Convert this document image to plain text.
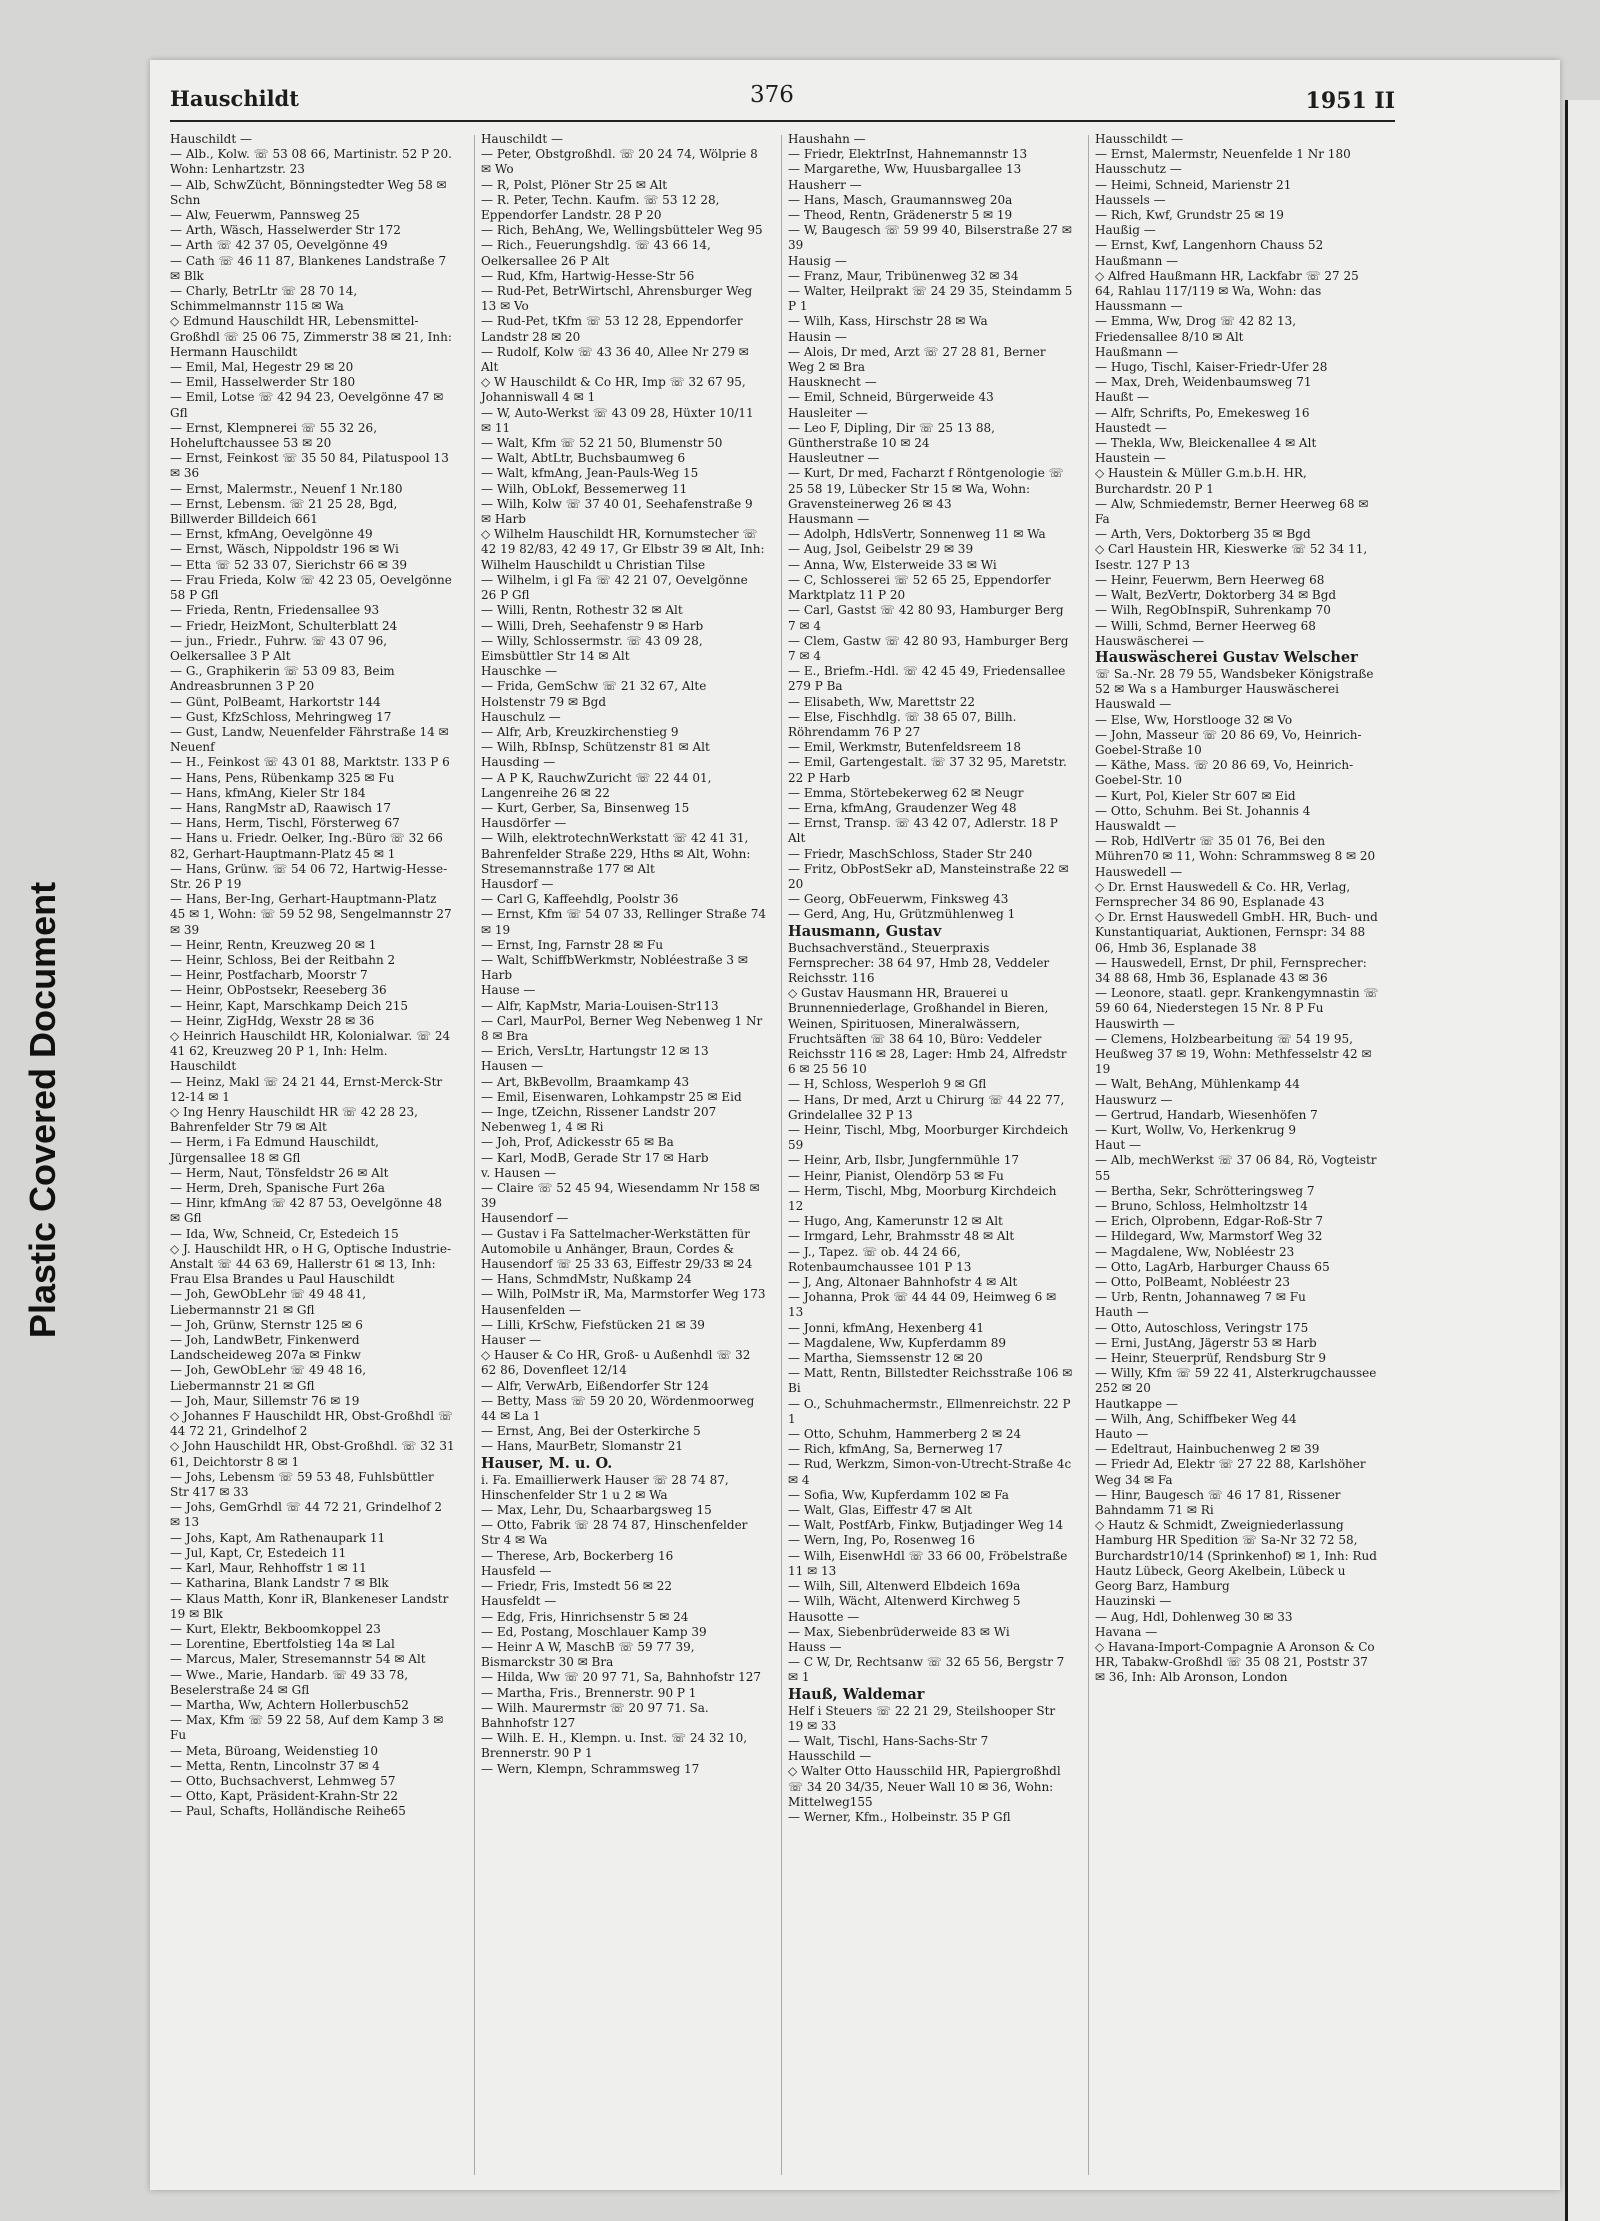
Plastic Covered Document
Hauschildt	376	1951 II

Hauschildt —

— Alb., Kolw. ☏ 53 08 66, Martinistr. 52 P 20. Wohn: Lenhartzstr. 23

— Alb, SchwZücht, Bönningstedter Weg 58 ✉ Schn

— Alw, Feuerwm, Pannsweg 25

— Arth, Wäsch, Hasselwerder Str 172

— Arth ☏ 42 37 05, Oevelgönne 49

— Cath ☏ 46 11 87, Blankenes Landstraße 7 ✉ Blk

— Charly, BetrLtr ☏ 28 70 14, Schimmelmannstr 115 ✉ Wa

◇ Edmund Hauschildt HR, Lebensmittel-Großhdl ☏ 25 06 75, Zimmerstr 38 ✉ 21, Inh: Hermann Hauschildt

— Emil, Mal, Hegestr 29 ✉ 20

— Emil, Hasselwerder Str 180

— Emil, Lotse ☏ 42 94 23, Oevelgönne 47 ✉ Gfl

— Ernst, Klempnerei ☏ 55 32 26, Hoheluftchaussee 53 ✉ 20

— Ernst, Feinkost ☏ 35 50 84, Pilatuspool 13 ✉ 36

— Ernst, Malermstr., Neuenf 1 Nr.180

— Ernst, Lebensm. ☏ 21 25 28, Bgd, Billwerder Billdeich 661

— Ernst, kfmAng, Oevelgönne 49

— Ernst, Wäsch, Nippoldstr 196 ✉ Wi

— Etta ☏ 52 33 07, Sierichstr 66 ✉ 39

— Frau Frieda, Kolw ☏ 42 23 05, Oevelgönne 58 P Gfl

— Frieda, Rentn, Friedensallee 93

— Friedr, HeizMont, Schulterblatt 24

— jun., Friedr., Fuhrw. ☏ 43 07 96, Oelkersallee 3 P Alt

— G., Graphikerin ☏ 53 09 83, Beim Andreasbrunnen 3 P 20

— Günt, PolBeamt, Harkortstr 144

— Gust, KfzSchloss, Mehringweg 17

— Gust, Landw, Neuenfelder Fährstraße 14 ✉ Neuenf

— H., Feinkost ☏ 43 01 88, Marktstr. 133 P 6

— Hans, Pens, Rübenkamp 325 ✉ Fu

— Hans, kfmAng, Kieler Str 184

— Hans, RangMstr aD, Raawisch 17

— Hans, Herm, Tischl, Försterweg 67

— Hans u. Friedr. Oelker, Ing.-Büro ☏ 32 66 82, Gerhart-Hauptmann-Platz 45 ✉ 1

— Hans, Grünw. ☏ 54 06 72, Hartwig-Hesse-Str. 26 P 19

— Hans, Ber-Ing, Gerhart-Hauptmann-Platz 45 ✉ 1, Wohn: ☏ 59 52 98, Sengelmannstr 27 ✉ 39

— Heinr, Rentn, Kreuzweg 20 ✉ 1

— Heinr, Schloss, Bei der Reitbahn 2

— Heinr, Postfacharb, Moorstr 7

— Heinr, ObPostsekr, Reeseberg 36

— Heinr, Kapt, Marschkamp Deich 215

— Heinr, ZigHdg, Wexstr 28 ✉ 36

◇ Heinrich Hauschildt HR, Kolonialwar. ☏ 24 41 62, Kreuzweg 20 P 1, Inh: Helm. Hauschildt

— Heinz, Makl ☏ 24 21 44, Ernst-Merck-Str 12-14 ✉ 1

◇ Ing Henry Hauschildt HR ☏ 42 28 23, Bahrenfelder Str 79 ✉ Alt

— Herm, i Fa Edmund Hauschildt, Jürgensallee 18 ✉ Gfl

— Herm, Naut, Tönsfeldstr 26 ✉ Alt

— Herm, Dreh, Spanische Furt 26a

— Hinr, kfmAng ☏ 42 87 53, Oevelgönne 48 ✉ Gfl

— Ida, Ww, Schneid, Cr, Estedeich 15

◇ J. Hauschildt HR, o H G, Optische Industrie-Anstalt ☏ 44 63 69, Hallerstr 61 ✉ 13, Inh: Frau Elsa Brandes u Paul Hauschildt

— Joh, GewObLehr ☏ 49 48 41, Liebermannstr 21 ✉ Gfl

— Joh, Grünw, Sternstr 125 ✉ 6

— Joh, LandwBetr, Finkenwerd Landscheideweg 207a ✉ Finkw

— Joh, GewObLehr ☏ 49 48 16, Liebermannstr 21 ✉ Gfl

— Joh, Maur, Sillemstr 76 ✉ 19

◇ Johannes F Hauschildt HR, Obst-Großhdl ☏ 44 72 21, Grindelhof 2

◇ John Hauschildt HR, Obst-Großhdl. ☏ 32 31 61, Deichtorstr 8 ✉ 1

— Johs, Lebensm ☏ 59 53 48, Fuhlsbüttler Str 417 ✉ 33

— Johs, GemGrhdl ☏ 44 72 21, Grindelhof 2 ✉ 13

— Johs, Kapt, Am Rathenaupark 11

— Jul, Kapt, Cr, Estedeich 11

— Karl, Maur, Rehhoffstr 1 ✉ 11

— Katharina, Blank Landstr 7 ✉ Blk

— Klaus Matth, Konr iR, Blankeneser Landstr 19 ✉ Blk

— Kurt, Elektr, Bekboomkoppel 23

— Lorentine, Ebertfolstieg 14a ✉ Lal

— Marcus, Maler, Stresemannstr 54 ✉ Alt

— Wwe., Marie, Handarb. ☏ 49 33 78, Beselerstraße 24 ✉ Gfl

— Martha, Ww, Achtern Hollerbusch52

— Max, Kfm ☏ 59 22 58, Auf dem Kamp 3 ✉ Fu

— Meta, Büroang, Weidenstieg 10

— Metta, Rentn, Lincolnstr 37 ✉ 4

— Otto, Buchsachverst, Lehmweg 57

— Otto, Kapt, Präsident-Krahn-Str 22

— Paul, Schafts, Holländische Reihe65

Hauschildt —

— Peter, Obstgroßhdl. ☏ 20 24 74, Wölprie 8 ✉ Wo

— R, Polst, Plöner Str 25 ✉ Alt

— R. Peter, Techn. Kaufm. ☏ 53 12 28, Eppendorfer Landstr. 28 P 20

— Rich, BehAng, We, Wellingsbütteler Weg 95

— Rich., Feuerungshdlg. ☏ 43 66 14, Oelkersallee 26 P Alt

— Rud, Kfm, Hartwig-Hesse-Str 56

— Rud-Pet, BetrWirtschl, Ahrensburger Weg 13 ✉ Vo

— Rud-Pet, tKfm ☏ 53 12 28, Eppendorfer Landstr 28 ✉ 20

— Rudolf, Kolw ☏ 43 36 40, Allee Nr 279 ✉ Alt

◇ W Hauschildt & Co HR, Imp ☏ 32 67 95, Johanniswall 4 ✉ 1

— W, Auto-Werkst ☏ 43 09 28, Hüxter 10/11 ✉ 11

— Walt, Kfm ☏ 52 21 50, Blumenstr 50

— Walt, AbtLtr, Buchsbaumweg 6

— Walt, kfmAng, Jean-Pauls-Weg 15

— Wilh, ObLokf, Bessemerweg 11

— Wilh, Kolw ☏ 37 40 01, Seehafenstraße 9 ✉ Harb

◇ Wilhelm Hauschildt HR, Kornumstecher ☏ 42 19 82/83, 42 49 17, Gr Elbstr 39 ✉ Alt, Inh: Wilhelm Hauschildt u Christian Tilse

— Wilhelm, i gl Fa ☏ 42 21 07, Oevelgönne 26 P Gfl

— Willi, Rentn, Rothestr 32 ✉ Alt

— Willi, Dreh, Seehafenstr 9 ✉ Harb

— Willy, Schlossermstr. ☏ 43 09 28, Eimsbüttler Str 14 ✉ Alt

Hauschke —

— Frida, GemSchw ☏ 21 32 67, Alte Holstenstr 79 ✉ Bgd

Hauschulz —

— Alfr, Arb, Kreuzkirchenstieg 9

— Wilh, RbInsp, Schützenstr 81 ✉ Alt

Hausding —

— A P K, RauchwZuricht ☏ 22 44 01, Langenreihe 26 ✉ 22

— Kurt, Gerber, Sa, Binsenweg 15

Hausdörfer —

— Wilh, elektrotechnWerkstatt ☏ 42 41 31, Bahrenfelder Straße 229, Hths ✉ Alt, Wohn: Stresemannstraße 177 ✉ Alt

Hausdorf —

— Carl G, Kaffeehdlg, Poolstr 36

— Ernst, Kfm ☏ 54 07 33, Rellinger Straße 74 ✉ 19

— Ernst, Ing, Farnstr 28 ✉ Fu

— Walt, SchiffbWerkmstr, Nobléestraße 3 ✉ Harb

Hause —

— Alfr, KapMstr, Maria-Louisen-Str113

— Carl, MaurPol, Berner Weg Nebenweg 1 Nr 8 ✉ Bra

— Erich, VersLtr, Hartungstr 12 ✉ 13

Hausen —

— Art, BkBevollm, Braamkamp 43

— Emil, Eisenwaren, Lohkampstr 25 ✉ Eid

— Inge, tZeichn, Rissener Landstr 207 Nebenweg 1, 4 ✉ Ri

— Joh, Prof, Adickesstr 65 ✉ Ba

— Karl, ModB, Gerade Str 17 ✉ Harb

v. Hausen —

— Claire ☏ 52 45 94, Wiesendamm Nr 158 ✉ 39

Hausendorf —

— Gustav i Fa Sattelmacher-Werkstätten für Automobile u Anhänger, Braun, Cordes & Hausendorf ☏ 25 33 63, Eiffestr 29/33 ✉ 24

— Hans, SchmdMstr, Nußkamp 24

— Wilh, PolMstr iR, Ma, Marmstorfer Weg 173

Hausenfelden —

— Lilli, KrSchw, Fiefstücken 21 ✉ 39

Hauser —

◇ Hauser & Co HR, Groß- u Außenhdl ☏ 32 62 86, Dovenfleet 12/14

— Alfr, VerwArb, Eißendorfer Str 124

— Betty, Mass ☏ 59 20 20, Wördenmoorweg 44 ✉ La 1

— Ernst, Ang, Bei der Osterkirche 5

— Hans, MaurBetr, Slomanstr 21

Hauser, M. u. O.

i. Fa. Emaillierwerk Hauser ☏ 28 74 87, Hinschenfelder Str 1 u 2 ✉ Wa

— Max, Lehr, Du, Schaarbargsweg 15

— Otto, Fabrik ☏ 28 74 87, Hinschenfelder Str 4 ✉ Wa

— Therese, Arb, Bockerberg 16

Hausfeld —

— Friedr, Fris, Imstedt 56 ✉ 22

Hausfeldt —

— Edg, Fris, Hinrichsenstr 5 ✉ 24

— Ed, Postang, Moschlauer Kamp 39

— Heinr A W, MaschB ☏ 59 77 39, Bismarckstr 30 ✉ Bra

— Hilda, Ww ☏ 20 97 71, Sa, Bahnhofstr 127

— Martha, Fris., Brennerstr. 90 P 1

— Wilh. Maurermstr ☏ 20 97 71. Sa. Bahnhofstr 127

— Wilh. E. H., Klempn. u. Inst. ☏ 24 32 10, Brennerstr. 90 P 1

— Wern, Klempn, Schrammsweg 17

Haushahn —

— Friedr, ElektrInst, Hahnemannstr 13

— Margarethe, Ww, Huusbargallee 13

Hausherr —

— Hans, Masch, Graumannsweg 20a

— Theod, Rentn, Grädenerstr 5 ✉ 19

— W, Baugesch ☏ 59 99 40, Bilserstraße 27 ✉ 39

Hausig —

— Franz, Maur, Tribünenweg 32 ✉ 34

— Walter, Heilprakt ☏ 24 29 35, Steindamm 5 P 1

— Wilh, Kass, Hirschstr 28 ✉ Wa

Hausin —

— Alois, Dr med, Arzt ☏ 27 28 81, Berner Weg 2 ✉ Bra

Hausknecht —

— Emil, Schneid, Bürgerweide 43

Hausleiter —

— Leo F, Dipling, Dir ☏ 25 13 88, Güntherstraße 10 ✉ 24

Hausleutner —

— Kurt, Dr med, Facharzt f Röntgenologie ☏ 25 58 19, Lübecker Str 15 ✉ Wa, Wohn: Gravensteinerweg 26 ✉ 43

Hausmann —

— Adolph, HdlsVertr, Sonnenweg 11 ✉ Wa

— Aug, Jsol, Geibelstr 29 ✉ 39

— Anna, Ww, Elsterweide 33 ✉ Wi

— C, Schlosserei ☏ 52 65 25, Eppendorfer Marktplatz 11 P 20

— Carl, Gastst ☏ 42 80 93, Hamburger Berg 7 ✉ 4

— Clem, Gastw ☏ 42 80 93, Hamburger Berg 7 ✉ 4

— E., Briefm.-Hdl. ☏ 42 45 49, Friedensallee 279 P Ba

— Elisabeth, Ww, Marettstr 22

— Else, Fischhdlg. ☏ 38 65 07, Billh. Röhrendamm 76 P 27

— Emil, Werkmstr, Butenfeldsreem 18

— Emil, Gartengestalt. ☏ 37 32 95, Maretstr. 22 P Harb

— Emma, Störtebekerweg 62 ✉ Neugr

— Erna, kfmAng, Graudenzer Weg 48

— Ernst, Transp. ☏ 43 42 07, Adlerstr. 18 P Alt

— Friedr, MaschSchloss, Stader Str 240

— Fritz, ObPostSekr aD, Mansteinstraße 22 ✉ 20

— Georg, ObFeuerwm, Finksweg 43

— Gerd, Ang, Hu, Grützmühlenweg 1

Hausmann, Gustav

Buchsachverständ., Steuerpraxis Fernsprecher: 38 64 97, Hmb 28, Veddeler Reichsstr. 116

◇ Gustav Hausmann HR, Brauerei u Brunnenniederlage, Großhandel in Bieren, Weinen, Spirituosen, Mineralwässern, Fruchtsäften ☏ 38 64 10, Büro: Veddeler Reichsstr 116 ✉ 28, Lager: Hmb 24, Alfredstr 6 ✉ 25 56 10

— H, Schloss, Wesperloh 9 ✉ Gfl

— Hans, Dr med, Arzt u Chirurg ☏ 44 22 77, Grindelallee 32 P 13

— Heinr, Tischl, Mbg, Moorburger Kirchdeich 59

— Heinr, Arb, Ilsbr, Jungfernmühle 17

— Heinr, Pianist, Olendörp 53 ✉ Fu

— Herm, Tischl, Mbg, Moorburg Kirchdeich 12

— Hugo, Ang, Kamerunstr 12 ✉ Alt

— Irmgard, Lehr, Brahmsstr 48 ✉ Alt

— J., Tapez. ☏ ob. 44 24 66, Rotenbaumchaussee 101 P 13

— J, Ang, Altonaer Bahnhofstr 4 ✉ Alt

— Johanna, Prok ☏ 44 44 09, Heimweg 6 ✉ 13

— Jonni, kfmAng, Hexenberg 41

— Magdalene, Ww, Kupferdamm 89

— Martha, Siemssenstr 12 ✉ 20

— Matt, Rentn, Billstedter Reichsstraße 106 ✉ Bi

— O., Schuhmachermstr., Ellmenreichstr. 22 P 1

— Otto, Schuhm, Hammerberg 2 ✉ 24

— Rich, kfmAng, Sa, Bernerweg 17

— Rud, Werkzm, Simon-von-Utrecht-Straße 4c ✉ 4

— Sofia, Ww, Kupferdamm 102 ✉ Fa

— Walt, Glas, Eiffestr 47 ✉ Alt

— Walt, PostfArb, Finkw, Butjadinger Weg 14

— Wern, Ing, Po, Rosenweg 16

— Wilh, EisenwHdl ☏ 33 66 00, Fröbelstraße 11 ✉ 13

— Wilh, Sill, Altenwerd Elbdeich 169a

— Wilh, Wächt, Altenwerd Kirchweg 5

Hausotte —

— Max, Siebenbrüderweide 83 ✉ Wi

Hauss —

— C W, Dr, Rechtsanw ☏ 32 65 56, Bergstr 7 ✉ 1

Hauß, Waldemar

Helf i Steuers ☏ 22 21 29, Steilshooper Str 19 ✉ 33

— Walt, Tischl, Hans-Sachs-Str 7

Hausschild —

◇ Walter Otto Hausschild HR, Papiergroßhdl ☏ 34 20 34/35, Neuer Wall 10 ✉ 36, Wohn: Mittelweg155

— Werner, Kfm., Holbeinstr. 35 P Gfl

Hausschildt —

— Ernst, Malermstr, Neuenfelde 1 Nr 180

Hausschutz —

— Heimi, Schneid, Marienstr 21

Haussels —

— Rich, Kwf, Grundstr 25 ✉ 19

Haußig —

— Ernst, Kwf, Langenhorn Chauss 52

Haußmann —

◇ Alfred Haußmann HR, Lackfabr ☏ 27 25 64, Rahlau 117/119 ✉ Wa, Wohn: das

Haussmann —

— Emma, Ww, Drog ☏ 42 82 13, Friedensallee 8/10 ✉ Alt

Haußmann —

— Hugo, Tischl, Kaiser-Friedr-Ufer 28

— Max, Dreh, Weidenbaumsweg 71

Haußt —

— Alfr, Schrifts, Po, Emekesweg 16

Haustedt —

— Thekla, Ww, Bleickenallee 4 ✉ Alt

Haustein —

◇ Haustein & Müller G.m.b.H. HR, Burchardstr. 20 P 1

— Alw, Schmiedemstr, Berner Heerweg 68 ✉ Fa

— Arth, Vers, Doktorberg 35 ✉ Bgd

◇ Carl Haustein HR, Kieswerke ☏ 52 34 11, Isestr. 127 P 13

— Heinr, Feuerwm, Bern Heerweg 68

— Walt, BezVertr, Doktorberg 34 ✉ Bgd

— Wilh, RegObInspiR, Suhrenkamp 70

— Willi, Schmd, Berner Heerweg 68

Hauswäscherei —

Hauswäscherei Gustav Welscher

☏ Sa.-Nr. 28 79 55, Wandsbeker Königstraße 52 ✉ Wa s a Hamburger Hauswäscherei

Hauswald —

— Else, Ww, Horstlooge 32 ✉ Vo

— John, Masseur ☏ 20 86 69, Vo, Heinrich-Goebel-Straße 10

— Käthe, Mass. ☏ 20 86 69, Vo, Heinrich-Goebel-Str. 10

— Kurt, Pol, Kieler Str 607 ✉ Eid

— Otto, Schuhm. Bei St. Johannis 4

Hauswaldt —

— Rob, HdlVertr ☏ 35 01 76, Bei den Mühren70 ✉ 11, Wohn: Schrammsweg 8 ✉ 20

Hauswedell —

◇ Dr. Ernst Hauswedell & Co. HR, Verlag, Fernsprecher 34 86 90, Esplanade 43

◇ Dr. Ernst Hauswedell GmbH. HR, Buch- und Kunstantiquariat, Auktionen, Fernspr: 34 88 06, Hmb 36, Esplanade 38

— Hauswedell, Ernst, Dr phil, Fernsprecher: 34 88 68, Hmb 36, Esplanade 43 ✉ 36

— Leonore, staatl. gepr. Krankengymnastin ☏ 59 60 64, Niederstegen 15 Nr. 8 P Fu

Hauswirth —

— Clemens, Holzbearbeitung ☏ 54 19 95, Heußweg 37 ✉ 19, Wohn: Methfesselstr 42 ✉ 19

— Walt, BehAng, Mühlenkamp 44

Hauswurz —

— Gertrud, Handarb, Wiesenhöfen 7

— Kurt, Wollw, Vo, Herkenkrug 9

Haut —

— Alb, mechWerkst ☏ 37 06 84, Rö, Vogteistr 55

— Bertha, Sekr, Schrötteringsweg 7

— Bruno, Schloss, Helmholtzstr 14

— Erich, Olprobenn, Edgar-Roß-Str 7

— Hildegard, Ww, Marmstorf Weg 32

— Magdalene, Ww, Nobléestr 23

— Otto, LagArb, Harburger Chauss 65

— Otto, PolBeamt, Nobléestr 23

— Urb, Rentn, Johannaweg 7 ✉ Fu

Hauth —

— Otto, Autoschloss, Veringstr 175

— Erni, JustAng, Jägerstr 53 ✉ Harb

— Heinr, Steuerprüf, Rendsburg Str 9

— Willy, Kfm ☏ 59 22 41, Alsterkrugchaussee 252 ✉ 20

Hautkappe —

— Wilh, Ang, Schiffbeker Weg 44

Hauto —

— Edeltraut, Hainbuchenweg 2 ✉ 39

— Friedr Ad, Elektr ☏ 27 22 88, Karlshöher Weg 34 ✉ Fa

— Hinr, Baugesch ☏ 46 17 81, Rissener Bahndamm 71 ✉ Ri

◇ Hautz & Schmidt, Zweigniederlassung Hamburg HR Spedition ☏ Sa-Nr 32 72 58, Burchardstr10/14 (Sprinkenhof) ✉ 1, Inh: Rud Hautz Lübeck, Georg Akelbein, Lübeck u Georg Barz, Hamburg

Hauzinski —

— Aug, Hdl, Dohlenweg 30 ✉ 33

Havana —

◇ Havana-Import-Compagnie A Aronson & Co HR, Tabakw-Großhdl ☏ 35 08 21, Poststr 37 ✉ 36, Inh: Alb Aronson, London
